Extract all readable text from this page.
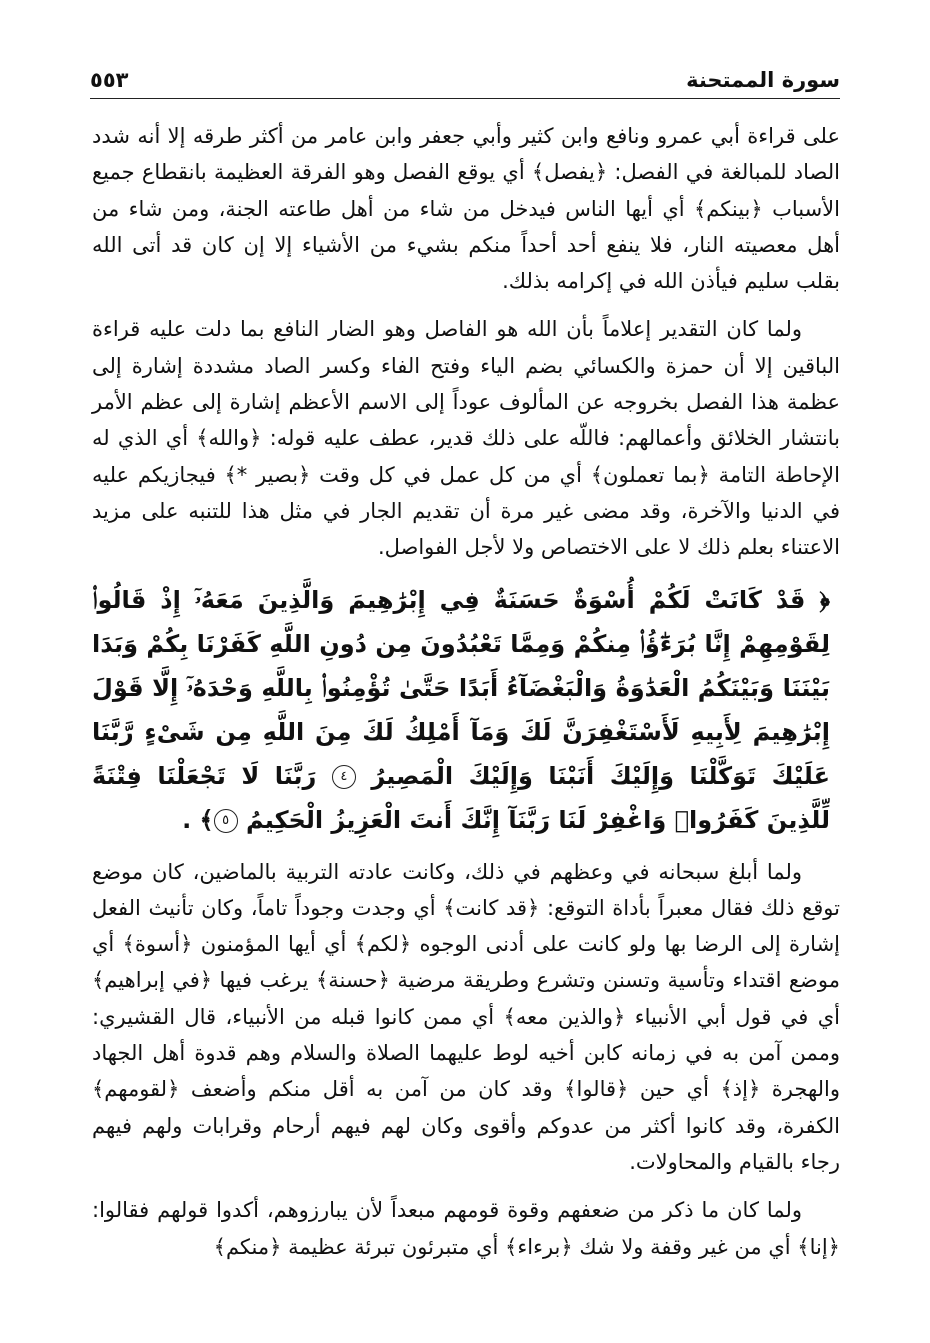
سورة الممتحنة
٥٥٣

على قراءة أبي عمرو ونافع وابن كثير وأبي جعفر وابن عامر من أكثر طرقه إلا أنه شدد الصاد للمبالغة في الفصل: ﴿يفصل﴾ أي يوقع الفصل وهو الفرقة العظيمة بانقطاع جميع الأسباب ﴿بينكم﴾ أي أيها الناس فيدخل من شاء من أهل طاعته الجنة، ومن شاء من أهل معصيته النار، فلا ينفع أحد أحداً منكم بشيء من الأشياء إلا إن كان قد أتى الله بقلب سليم فيأذن الله في إكرامه بذلك.

ولما كان التقدير إعلاماً بأن الله هو الفاصل وهو الضار النافع بما دلت عليه قراءة الباقين إلا أن حمزة والكسائي بضم الياء وفتح الفاء وكسر الصاد مشددة إشارة إلى عظمة هذا الفصل بخروجه عن المألوف عوداً إلى الاسم الأعظم إشارة إلى عظم الأمر بانتشار الخلائق وأعمالهم: فاللّه على ذلك قدير، عطف عليه قوله: ﴿والله﴾ أي الذي له الإحاطة التامة ﴿بما تعملون﴾ أي من كل عمل في كل وقت ﴿بصير *﴾ فيجازيكم عليه في الدنيا والآخرة، وقد مضى غير مرة أن تقديم الجار في مثل هذا للتنبه على مزيد الاعتناء بعلم ذلك لا على الاختصاص ولا لأجل الفواصل.

﴿ قَدْ كَانَتْ لَكُمْ أُسْوَةٌ حَسَنَةٌ فِي إِبْرَٰهِيمَ وَالَّذِينَ مَعَهُۥٓ إِذْ قَالُوا۟ لِقَوْمِهِمْ إِنَّا بُرَءَٰٓؤُا۟ مِنكُمْ وَمِمَّا تَعْبُدُونَ مِن دُونِ اللَّهِ كَفَرْنَا بِكُمْ وَبَدَا بَيْنَنَا وَبَيْنَكُمُ الْعَدَٰوَةُ وَالْبَغْضَآءُ أَبَدًا حَتَّىٰ تُؤْمِنُوا۟ بِاللَّهِ وَحْدَهُۥٓ إِلَّا قَوْلَ إِبْرَٰهِيمَ لِأَبِيهِ لَأَسْتَغْفِرَنَّ لَكَ وَمَآ أَمْلِكُ لَكَ مِنَ اللَّهِ مِن شَىْءٍ رَّبَّنَا عَلَيْكَ تَوَكَّلْنَا وَإِلَيْكَ أَنَبْنَا وَإِلَيْكَ الْمَصِيرُ ٤ رَبَّنَا لَا تَجْعَلْنَا فِتْنَةً لِّلَّذِينَ كَفَرُوا۟ وَاغْفِرْ لَنَا رَبَّنَآ إِنَّكَ أَنتَ الْعَزِيزُ الْحَكِيمُ ٥﴾ .

ولما أبلغ سبحانه في وعظهم في ذلك، وكانت عادته التربية بالماضين، كان موضع توقع ذلك فقال معبراً بأداة التوقع: ﴿قد كانت﴾ أي وجدت وجوداً تاماً، وكان تأنيث الفعل إشارة إلى الرضا بها ولو كانت على أدنى الوجوه ﴿لكم﴾ أي أيها المؤمنون ﴿أسوة﴾ أي موضع اقتداء وتأسية وتسنن وتشرع وطريقة مرضية ﴿حسنة﴾ يرغب فيها ﴿في إبراهيم﴾ أي في قول أبي الأنبياء ﴿والذين معه﴾ أي ممن كانوا قبله من الأنبياء، قال القشيري: وممن آمن به في زمانه كابن أخيه لوط عليهما الصلاة والسلام وهم قدوة أهل الجهاد والهجرة ﴿إذ﴾ أي حين ﴿قالوا﴾ وقد كان من آمن به أقل منكم وأضعف ﴿لقومهم﴾ الكفرة، وقد كانوا أكثر من عدوكم وأقوى وكان لهم فيهم أرحام وقرابات ولهم فيهم رجاء بالقيام والمحاولات.

ولما كان ما ذكر من ضعفهم وقوة قومهم مبعداً لأن يبارزوهم، أكدوا قولهم فقالوا: ﴿إنا﴾ أي من غير وقفة ولا شك ﴿برءاء﴾ أي متبرئون تبرئة عظيمة ﴿منكم﴾
